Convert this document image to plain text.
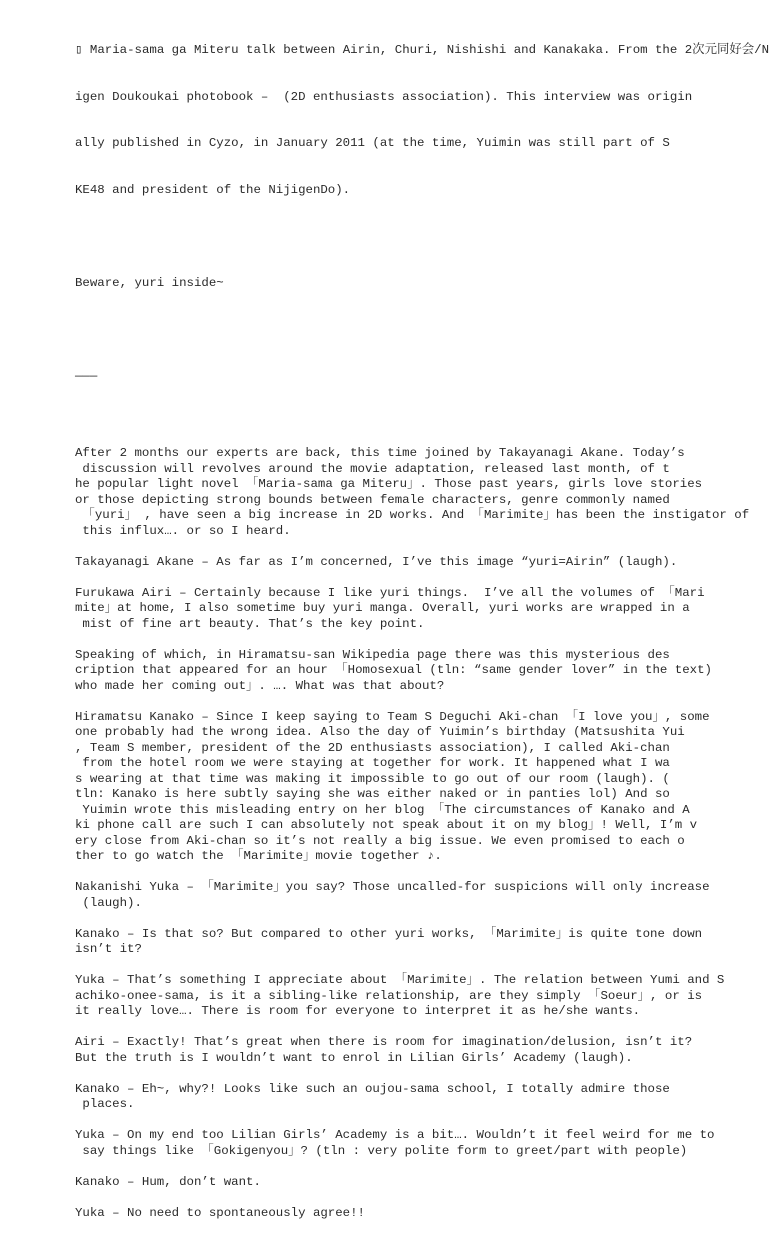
▯ Maria-sama ga Miteru talk between Airin, Churi, Nishishi and Kanakaka. From the 2次元同好会/N

igen Doukoukai photobook –  (2D enthusiasts association). This interview was origin

ally published in Cyzo, in January 2011 (at the time, Yuimin was still part of S

KE48 and president of the NijigenDo).

Beware, yuri inside~

———

After 2 months our experts are back, this time joined by Takayanagi Akane. Today’s
discussion will revolves around the movie adaptation, released last month, of t
he popular light novel 「Maria-sama ga Miteru」. Those past years, girls love stories
or those depicting strong bounds between female characters, genre commonly named
「yuri」 , have seen a big increase in 2D works. And 「Marimite」has been the instigator of
this influx…. or so I heard.
Takayanagi Akane – As far as I’m concerned, I’ve this image “yuri=Airin” (laugh).
Furukawa Airi – Certainly because I like yuri things.  I’ve all the volumes of 「Mari
mite」at home, I also sometime buy yuri manga. Overall, yuri works are wrapped in a
mist of fine art beauty. That’s the key point.
Speaking of which, in Hiramatsu-san Wikipedia page there was this mysterious des
cription that appeared for an hour 「Homosexual (tln: “same gender lover” in the text)
who made her coming out」. …. What was that about?
Hiramatsu Kanako – Since I keep saying to Team S Deguchi Aki-chan 「I love you」, some
one probably had the wrong idea. Also the day of Yuimin’s birthday (Matsushita Yui
, Team S member, president of the 2D enthusiasts association), I called Aki-chan
from the hotel room we were staying at together for work. It happened what I wa
s wearing at that time was making it impossible to go out of our room (laugh). (
tln: Kanako is here subtly saying she was either naked or in panties lol) And so
Yuimin wrote this misleading entry on her blog 「The circumstances of Kanako and A
ki phone call are such I can absolutely not speak about it on my blog」! Well, I’m v
ery close from Aki-chan so it’s not really a big issue. We even promised to each o
ther to go watch the 「Marimite」movie together ♪.
Nakanishi Yuka – 「Marimite」you say? Those uncalled-for suspicions will only increase
(laugh).
Kanako – Is that so? But compared to other yuri works, 「Marimite」is quite tone down
isn’t it?
Yuka – That’s something I appreciate about 「Marimite」. The relation between Yumi and S
achiko-onee-sama, is it a sibling-like relationship, are they simply 「Soeur」, or is
it really love…. There is room for everyone to interpret it as he/she wants.
Airi – Exactly! That’s great when there is room for imagination/delusion, isn’t it?
But the truth is I wouldn’t want to enrol in Lilian Girls’ Academy (laugh).
Kanako – Eh~, why?! Looks like such an oujou-sama school, I totally admire those
places.
Yuka – On my end too Lilian Girls’ Academy is a bit…. Wouldn’t it feel weird for me to
say things like 「Gokigenyou」? (tln : very polite form to greet/part with people)
Kanako – Hum, don’t want.
Yuka – No need to spontaneously agree!!
